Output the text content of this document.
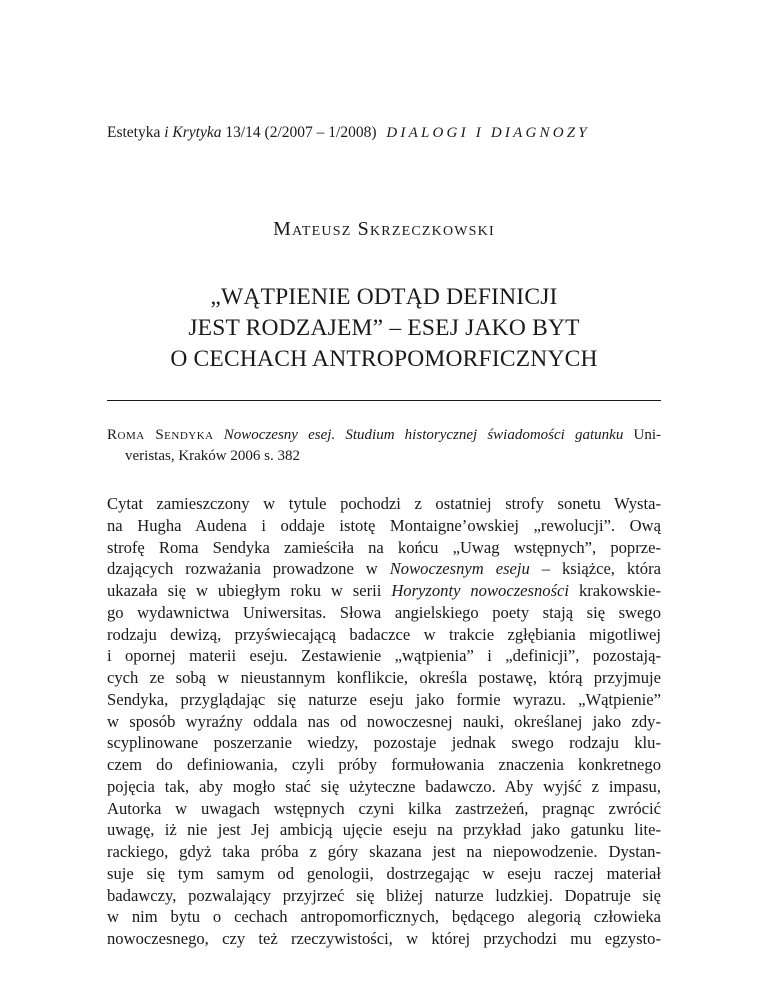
Estetyka i Krytyka 13/14 (2/2007 – 1/2008) DIALOGI I DIAGNOZY
Mateusz Skrzeczkowski
„WĄTPIENIE ODTĄD DEFINICJI
JEST RODZAJEM” – ESEJ JAKO BYT
O CECHACH ANTROPOMORFICZNYCH
Roma Sendyka Nowoczesny esej. Studium historycznej świadomości gatunku Uni- veristas, Kraków 2006 s. 382
Cytat zamieszczony w tytule pochodzi z ostatniej strofy sonetu Wysta-
na Hugha Audena i oddaje istotę Montaigne’owskiej „rewolucji”. Ową
strofę Roma Sendyka zamieściła na końcu „Uwag wstępnych”, poprze-
dzających rozważania prowadzone w Nowoczesnym eseju – książce, która
ukazała się w ubiegłym roku w serii Horyzonty nowoczesności krakowskie-
go wydawnictwa Uniwersitas. Słowa angielskiego poety stają się swego
rodzaju dewizą, przyświecającą badaczce w trakcie zgłębiania migotliwej
i opornej materii eseju. Zestawienie „wątpienia” i „definicji”, pozostają-
cych ze sobą w nieustannym konflikcie, określa postawę, którą przyjmuje
Sendyka, przyglądając się naturze eseju jako formie wyrazu. „Wątpienie”
w sposób wyraźny oddala nas od nowoczesnej nauki, określanej jako zdy-
scyplinowane poszerzanie wiedzy, pozostaje jednak swego rodzaju klu-
czem do definiowania, czyli próby formułowania znaczenia konkretnego
pojęcia tak, aby mogło stać się użyteczne badawczo. Aby wyjść z impasu,
Autorka w uwagach wstępnych czyni kilka zastrzeżeń, pragnąc zwrócić
uwagę, iż nie jest Jej ambicją ujęcie eseju na przykład jako gatunku lite-
rackiego, gdyż taka próba z góry skazana jest na niepowodzenie. Dystan-
suje się tym samym od genologii, dostrzegając w eseju raczej materiał
badawczy, pozwalający przyjrzeć się bliżej naturze ludzkiej. Dopatruje się
w nim bytu o cechach antropomorficznych, będącego alegorią człowieka
nowoczesnego, czy też rzeczywistości, w której przychodzi mu egzysto-
